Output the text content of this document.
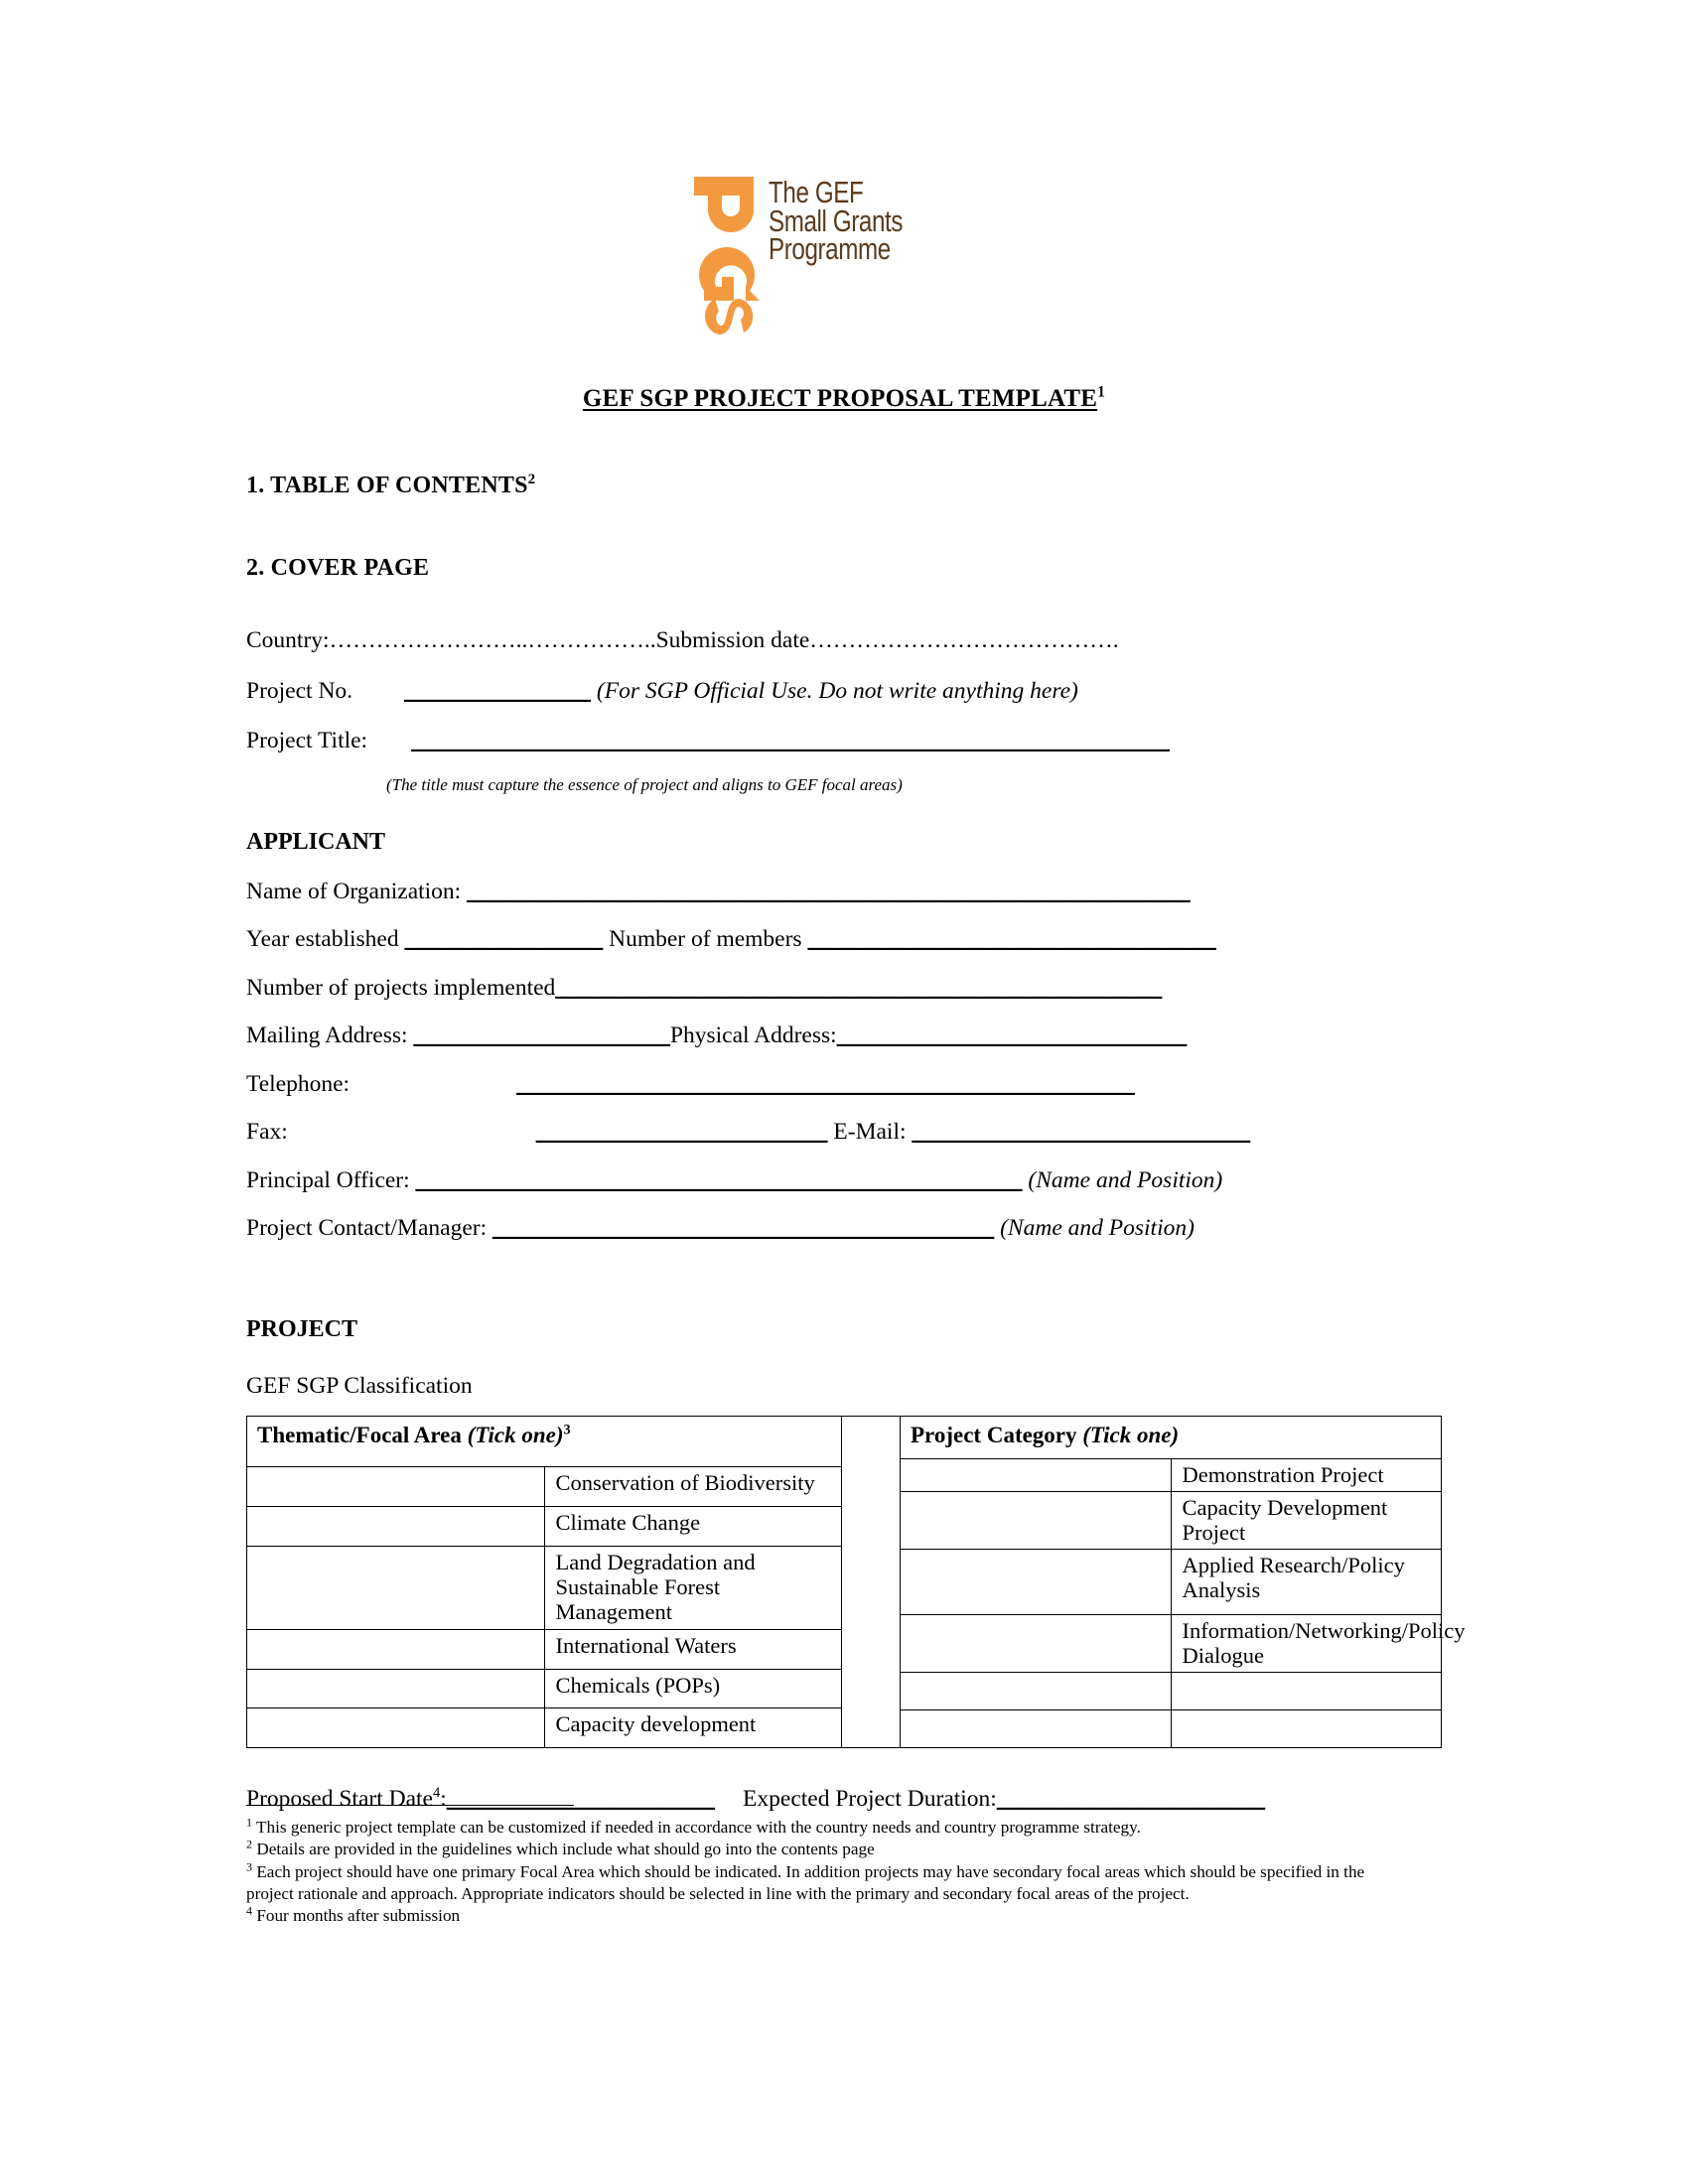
The GEF
Small Grants
Programme
GEF SGP PROJECT PROPOSAL TEMPLATE$^1$
1. TABLE OF CONTENTS$^2$
2. COVER PAGE
Country:……………………..……………..Submission date………………………………….
Project No. ________________ (For SGP Official Use. Do not write anything here)
Project Title: _________________________________________________________________
(The title must capture the essence of project and aligns to GEF focal areas)
APPLICANT
Name of Organization: ______________________________________________________________
Year established _________________ Number of members ___________________________________
Number of projects implemented____________________________________________________
Mailing Address: ______________________Physical Address:______________________________
Telephone:	_____________________________________________________
Fax:	_________________________ E-Mail: _____________________________
Principal Officer: ____________________________________________________ (Name and Position)
Project Contact/Manager: ___________________________________________ (Name and Position)
PROJECT
GEF SGP Classification
Thematic/Focal Area (Tick one)$^3$
	Conservation of Biodiversity
	Climate Change
	Land Degradation and Sustainable Forest Management
	International Waters
	Chemicals (POPs)
	Capacity development
Project Category (Tick one)	
	Demonstration Project
	Capacity Development Project
	Applied Research/Policy Analysis
	Information/Networking/Policy Dialogue

Proposed Start Date$^4$:_______________________ Expected Project Duration:_______________________

$^1$ This generic project template can be customized if needed in accordance with the country needs and country programme strategy.

$^2$ Details are provided in the guidelines which include what should go into the contents page

$^3$ Each project should have one primary Focal Area which should be indicated. In addition projects may have secondary focal areas which should be specified in the project rationale and approach. Appropriate indicators should be selected in line with the primary and secondary focal areas of the project.

$^4$ Four months after submission
